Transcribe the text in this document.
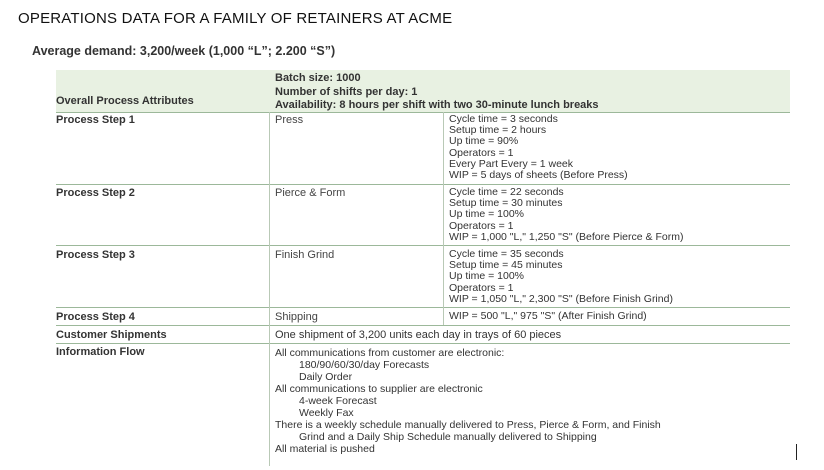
OPERATIONS DATA FOR A FAMILY OF RETAINERS AT ACME
Average demand: 3,200/week (1,000 “L”; 2.200 “S”)
Overall Process Attributes
Batch size: 1000
Number of shifts per day: 1
Availability: 8 hours per shift with two 30-minute lunch breaks
Process Step 1	Press	Cycle time = 3 seconds
Setup time = 2 hours
Up time = 90%
Operators = 1
Every Part Every = 1 week
WIP = 5 days of sheets (Before Press)
Process Step 2	Pierce & Form	Cycle time = 22 seconds
Setup time = 30 minutes
Up time = 100%
Operators = 1
WIP = 1,000 "L," 1,250 "S" (Before Pierce & Form)
Process Step 3	Finish Grind	Cycle time = 35 seconds
Setup time = 45 minutes
Up time = 100%
Operators = 1
WIP = 1,050 "L," 2,300 "S" (Before Finish Grind)
Process Step 4	Shipping	WIP = 500 "L," 975 "S" (After Finish Grind)
Customer Shipments	One shipment of 3,200 units each day in trays of 60 pieces
Information Flow	All communications from customer are electronic:
180/90/60/30/day Forecasts
Daily Order
All communications to supplier are electronic
4-week Forecast
Weekly Fax
There is a weekly schedule manually delivered to Press, Pierce & Form, and Finish
Grind and a Daily Ship Schedule manually delivered to Shipping
All material is pushed
